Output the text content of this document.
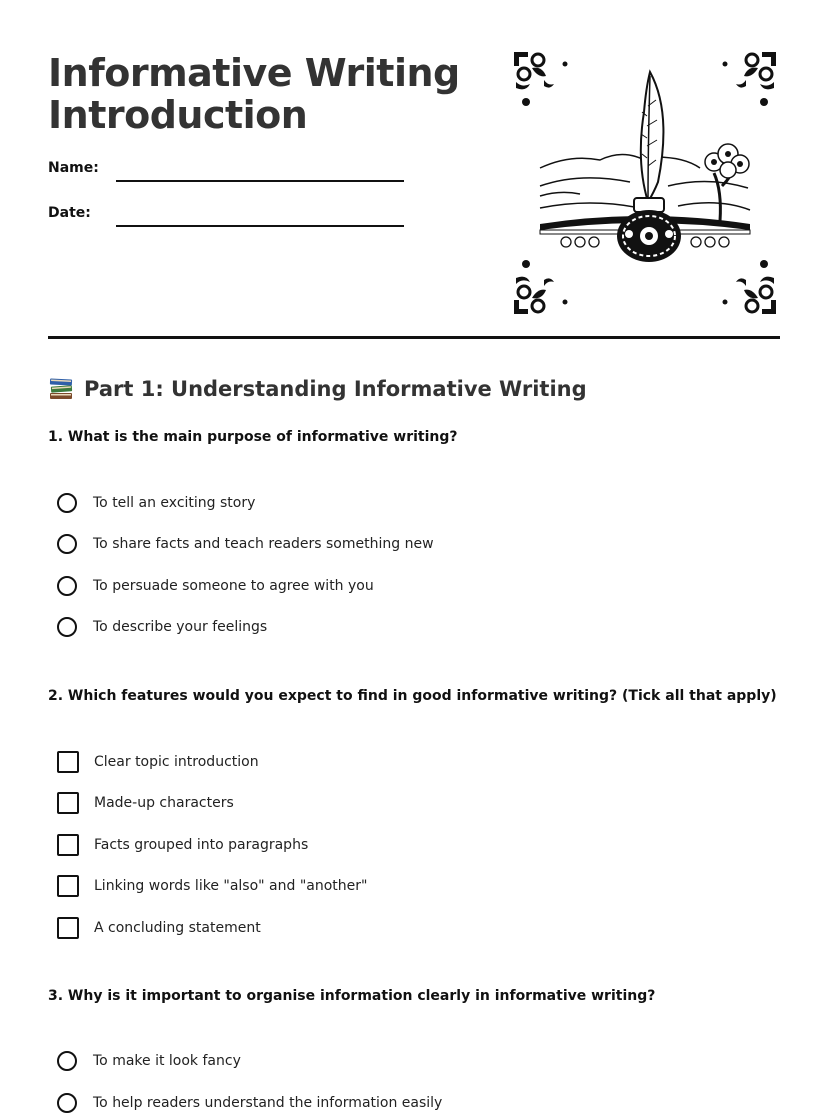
Informative Writing
Introduction
Name:
Date:
Part 1: Understanding Informative Writing
1. What is the main purpose of informative writing?
To tell an exciting story
To share facts and teach readers something new
To persuade someone to agree with you
To describe your feelings
2. Which features would you expect to find in good informative writing? (Tick all that apply)
Clear topic introduction
Made-up characters
Facts grouped into paragraphs
Linking words like "also" and "another"
A concluding statement
3. Why is it important to organise information clearly in informative writing?
To make it look fancy
To help readers understand the information easily
